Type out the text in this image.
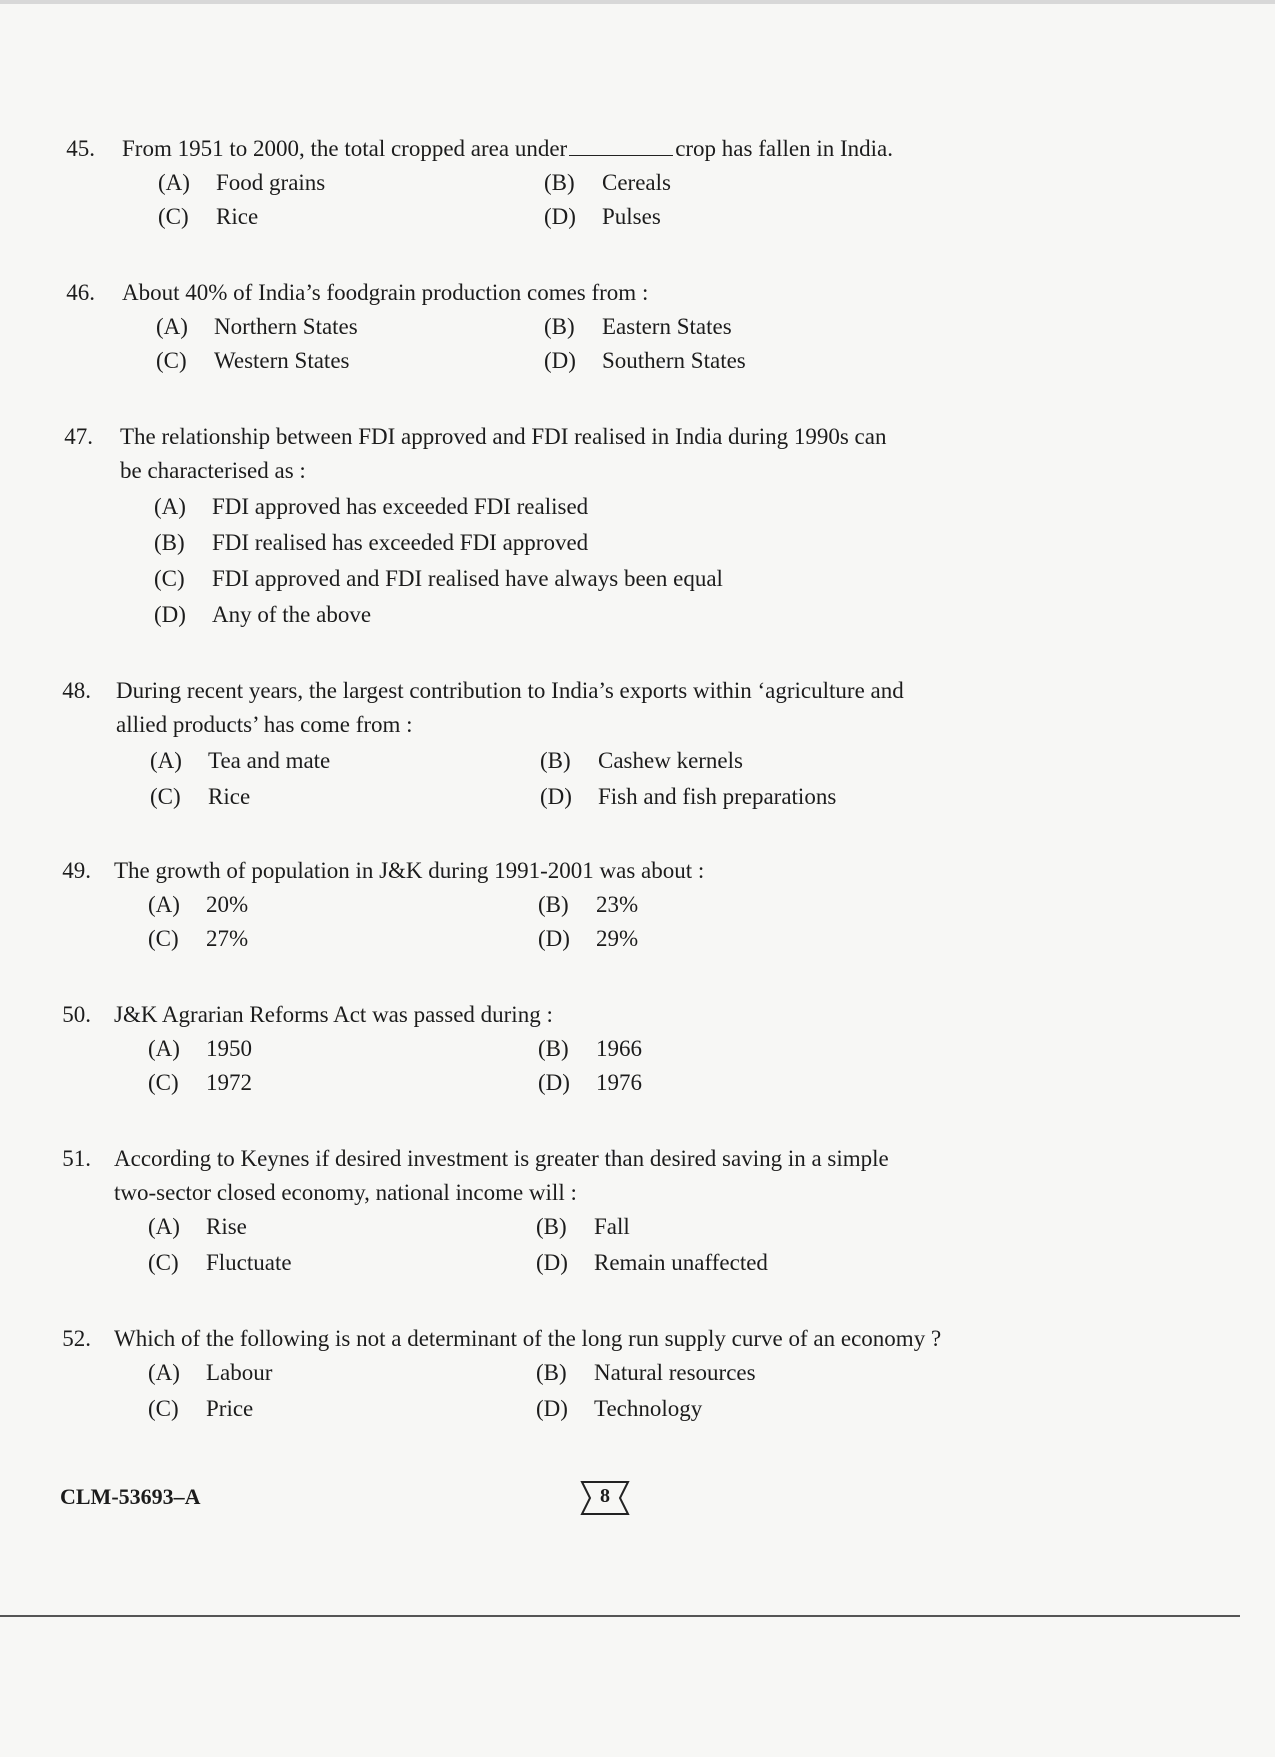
45. From 1951 to 2000, the total cropped area under	crop has fallen in India.
(A) Food grains	(B) Cereals
(C) Rice	(D) Pulses
46. About 40% of India’s foodgrain production comes from :
(A) Northern States	(B) Eastern States
(C) Western States	(D) Southern States
47. The relationship between FDI approved and FDI realised in India during 1990s can
be characterised as :
(A) FDI approved has exceeded FDI realised
(B) FDI realised has exceeded FDI approved
(C) FDI approved and FDI realised have always been equal
(D) Any of the above
48. During recent years, the largest contribution to India’s exports within ‘agriculture and
allied products’ has come from :
(A) Tea and mate	(B) Cashew kernels
(C) Rice	(D) Fish and fish preparations
49. The growth of population in J&K during 1991-2001 was about :
(A) 20%	(B) 23%
(C) 27%	(D) 29%
50. J&K Agrarian Reforms Act was passed during :
(A) 1950	(B) 1966
(C) 1972	(D) 1976
51. According to Keynes if desired investment is greater than desired saving in a simple
two-sector closed economy, national income will :
(A) Rise	(B) Fall
(C) Fluctuate	(D) Remain unaffected
52. Which of the following is not a determinant of the long run supply curve of an economy ?
(A) Labour	(B) Natural resources
(C) Price	(D) Technology
CLM-53693–A	8
